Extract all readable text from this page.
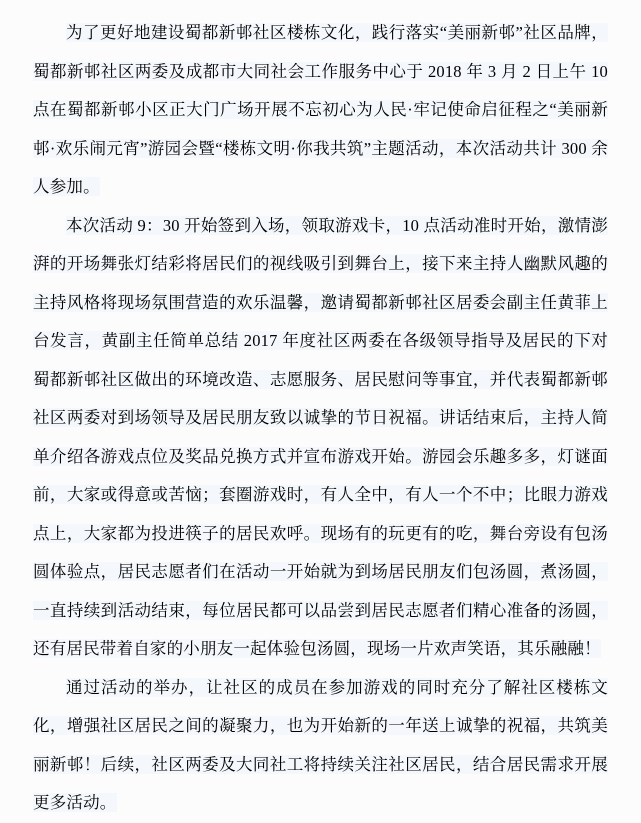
为了更好地建设蜀都新邨社区楼栋文化，践行落实“美丽新邨”社区品牌，蜀都新邨社区两委及成都市大同社会工作服务中心于 2018 年 3 月 2 日上午 10 点在蜀都新邨小区正大门广场开展不忘初心为人民·牢记使命启征程之“美丽新邨·欢乐闹元宵”游园会暨“楼栋文明·你我共筑”主题活动，本次活动共计 300 余人参加。

本次活动 9：30 开始签到入场，领取游戏卡，10 点活动准时开始，激情澎湃的开场舞张灯结彩将居民们的视线吸引到舞台上，接下来主持人幽默风趣的主持风格将现场氛围营造的欢乐温馨，邀请蜀都新邨社区居委会副主任黄菲上台发言，黄副主任简单总结 2017 年度社区两委在各级领导指导及居民的下对蜀都新邨社区做出的环境改造、志愿服务、居民慰问等事宜，并代表蜀都新邨社区两委对到场领导及居民朋友致以诚挚的节日祝福。讲话结束后，主持人简单介绍各游戏点位及奖品兑换方式并宣布游戏开始。游园会乐趣多多，灯谜面前，大家或得意或苦恼；套圈游戏时，有人全中，有人一个不中；比眼力游戏点上，大家都为投进筷子的居民欢呼。现场有的玩更有的吃，舞台旁设有包汤圆体验点，居民志愿者们在活动一开始就为到场居民朋友们包汤圆，煮汤圆，一直持续到活动结束，每位居民都可以品尝到居民志愿者们精心准备的汤圆，还有居民带着自家的小朋友一起体验包汤圆，现场一片欢声笑语，其乐融融！

通过活动的举办，让社区的成员在参加游戏的同时充分了解社区楼栋文化，增强社区居民之间的凝聚力，也为开始新的一年送上诚挚的祝福，共筑美丽新邨！后续，社区两委及大同社工将持续关注社区居民，结合居民需求开展更多活动。
